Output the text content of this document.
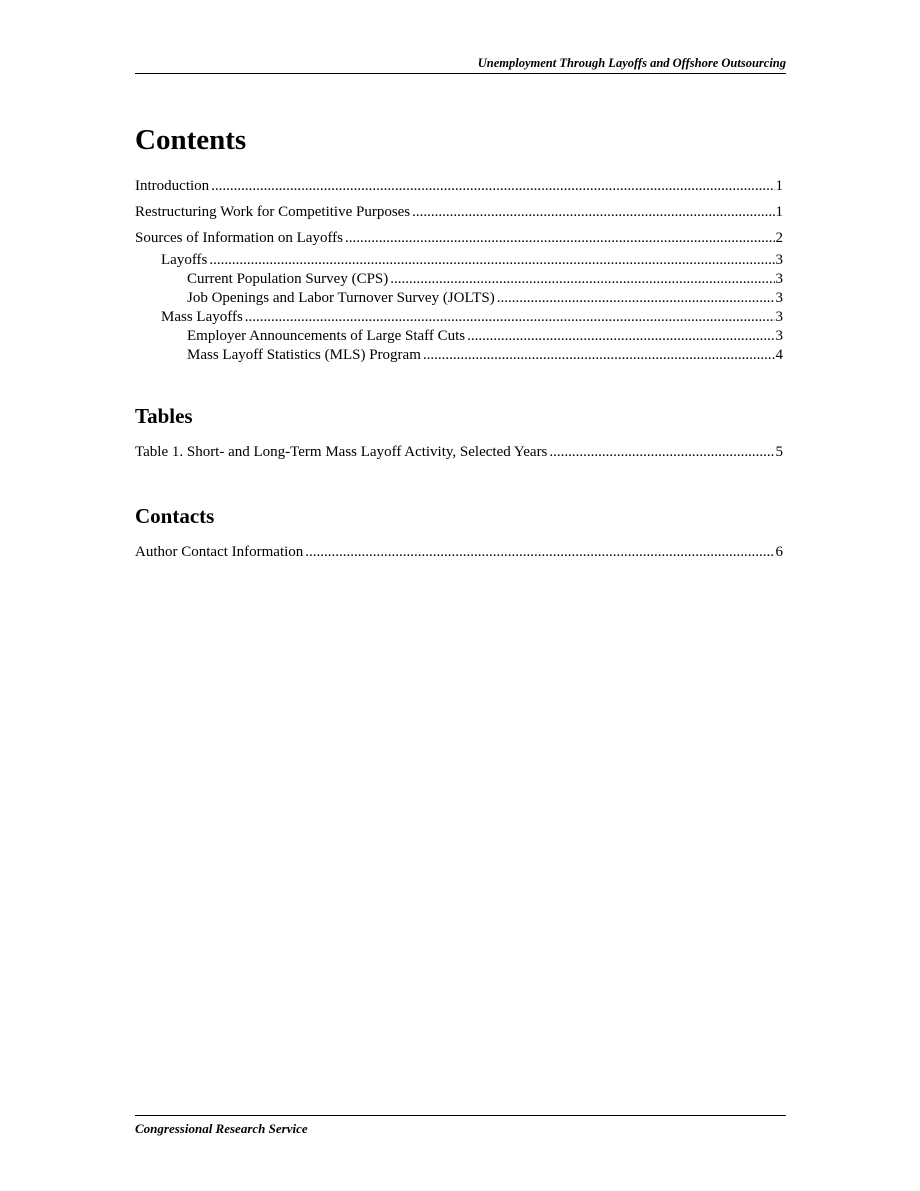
Unemployment Through Layoffs and Offshore Outsourcing
Contents
Introduction .....	1
Restructuring Work for Competitive Purposes .....	1
Sources of Information on Layoffs .....	2
Layoffs .....	3
Current Population Survey (CPS) .....	3
Job Openings and Labor Turnover Survey (JOLTS) .....	3
Mass Layoffs .....	3
Employer Announcements of Large Staff Cuts .....	3
Mass Layoff Statistics (MLS) Program .....	4
Tables
Table 1. Short- and Long-Term Mass Layoff Activity, Selected Years .....	5
Contacts
Author Contact Information .....	6
Congressional Research Service
